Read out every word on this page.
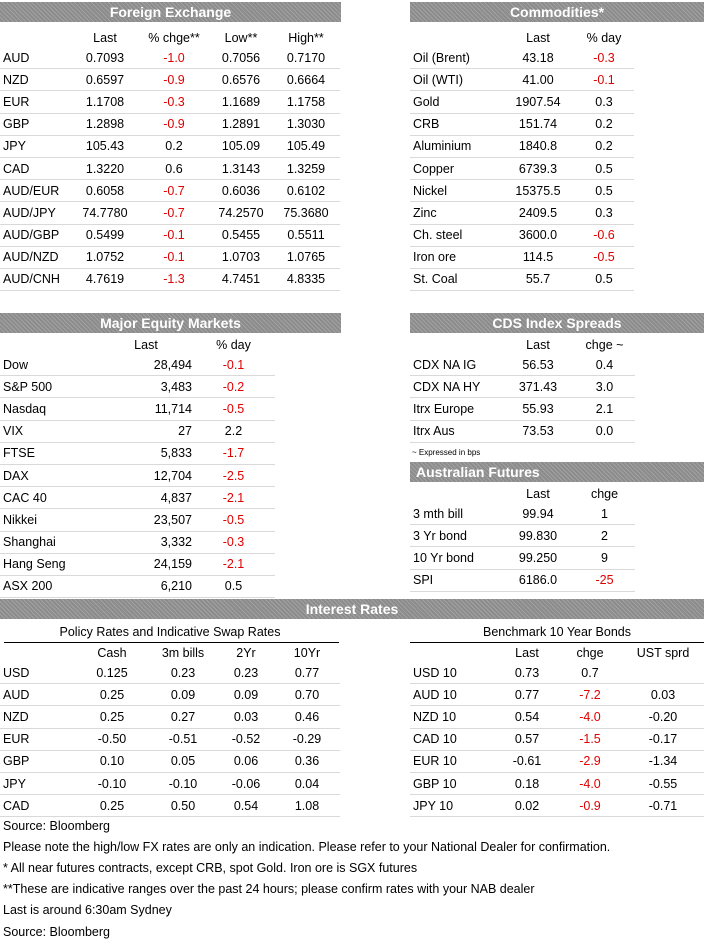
Foreign Exchange	Commodities*
Major Equity Markets	CDS Index Spreads
Australian Futures
Interest Rates
	Last	% chge**	Low**	High**
AUD	0.7093	-1.0	0.7056	0.7170
NZD	0.6597	-0.9	0.6576	0.6664
EUR	1.1708	-0.3	1.1689	1.1758
GBP	1.2898	-0.9	1.2891	1.3030
JPY	105.43	0.2	105.09	105.49
CAD	1.3220	0.6	1.3143	1.3259
AUD/EUR	0.6058	-0.7	0.6036	0.6102
AUD/JPY	74.7780	-0.7	74.2570	75.3680
AUD/GBP	0.5499	-0.1	0.5455	0.5511
AUD/NZD	1.0752	-0.1	1.0703	1.0765
AUD/CNH	4.7619	-1.3	4.7451	4.8335
	Last	% day
Oil (Brent)	43.18	-0.3
Oil (WTI)	41.00	-0.1
Gold	1907.54	0.3
CRB	151.74	0.2
Aluminium	1840.8	0.2
Copper	6739.3	0.5
Nickel	15375.5	0.5
Zinc	2409.5	0.3
Ch. steel	3600.0	-0.6
Iron ore	114.5	-0.5
St. Coal	55.7	0.5
	Last	% day
Dow	28,494	-0.1
S&P 500	3,483	-0.2
Nasdaq	11,714	-0.5
VIX	27	2.2
FTSE	5,833	-1.7
DAX	12,704	-2.5
CAC 40	4,837	-2.1
Nikkei	23,507	-0.5
Shanghai	3,332	-0.3
Hang Seng	24,159	-2.1
ASX 200	6,210	0.5
	Last	chge ~
CDX NA IG	56.53	0.4
CDX NA HY	371.43	3.0
Itrx Europe	55.93	2.1
Itrx Aus	73.53	0.0
~ Expressed in bps
	Last	chge
3 mth bill	99.94	1
3 Yr bond	99.830	2
10 Yr bond	99.250	9
SPI	6186.0	-25
Policy Rates and Indicative Swap Rates
	Cash	3m bills	2Yr	10Yr
USD	0.125	0.23	0.23	0.77
AUD	0.25	0.09	0.09	0.70
NZD	0.25	0.27	0.03	0.46
EUR	-0.50	-0.51	-0.52	-0.29
GBP	0.10	0.05	0.06	0.36
JPY	-0.10	-0.10	-0.06	0.04
CAD	0.25	0.50	0.54	1.08
Benchmark 10 Year Bonds
	Last	chge	UST sprd
USD 10	0.73	0.7	
AUD 10	0.77	-7.2	0.03
NZD 10	0.54	-4.0	-0.20
CAD 10	0.57	-1.5	-0.17
EUR 10	-0.61	-2.9	-1.34
GBP 10	0.18	-4.0	-0.55
JPY 10	0.02	-0.9	-0.71
Source: Bloomberg
Please note the high/low FX rates are only an indication. Please refer to your National Dealer for confirmation.
* All near futures contracts, except CRB, spot Gold. Iron ore is SGX futures
**These are indicative ranges over the past 24 hours; please confirm rates with your NAB dealer
Last is around 6:30am Sydney
Source: Bloomberg
